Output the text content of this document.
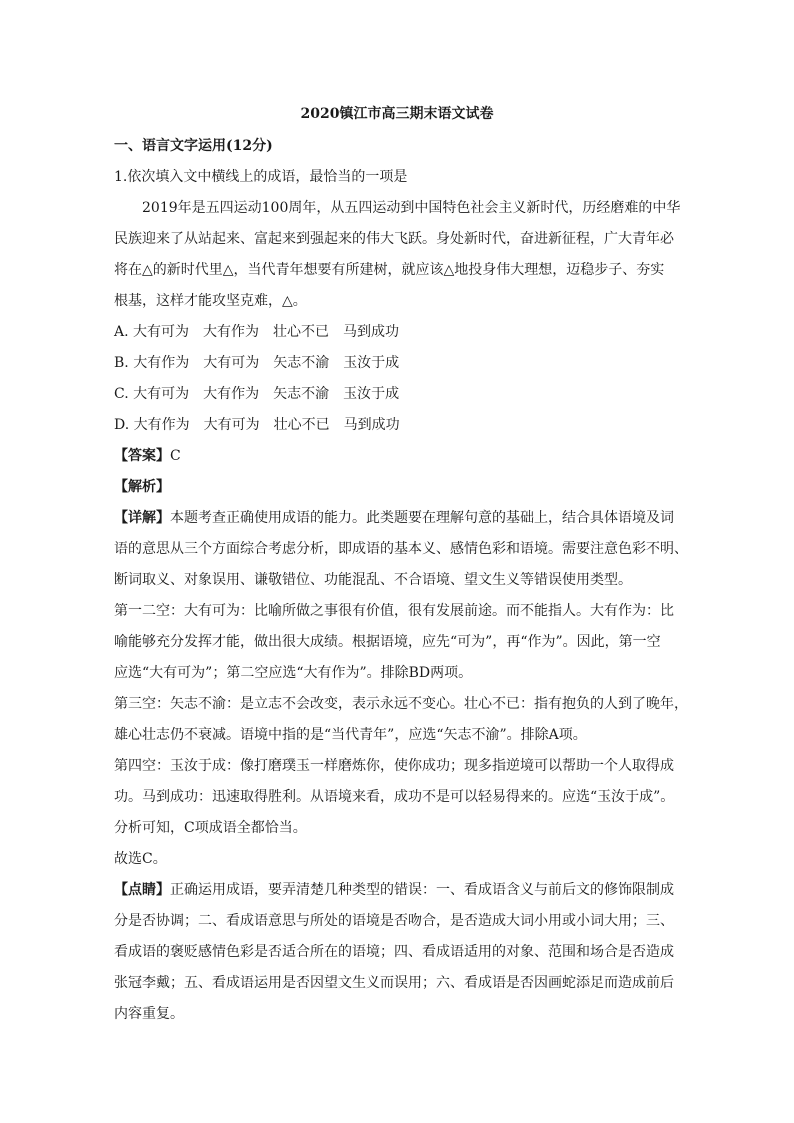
2020镇江市高三期末语文试卷
一、语言文字运用(12分)
1.依次填入文中横线上的成语，最恰当的一项是
2019年是五四运动100周年，从五四运动到中国特色社会主义新时代，历经磨难的中华
民族迎来了从站起来、富起来到强起来的伟大飞跃。身处新时代，奋进新征程，广大青年必
将在△的新时代里△，当代青年想要有所建树，就应该△地投身伟大理想，迈稳步子、夯实
根基，这样才能攻坚克难，△。
A. 大有可为　大有作为　壮心不已　马到成功
B. 大有作为　大有可为　矢志不渝　玉汝于成
C. 大有可为　大有作为　矢志不渝　玉汝于成
D. 大有作为　大有可为　壮心不已　马到成功
【答案】C
【解析】
【详解】本题考查正确使用成语的能力。此类题要在理解句意的基础上，结合具体语境及词
语的意思从三个方面综合考虑分析，即成语的基本义、感情色彩和语境。需要注意色彩不明、
断词取义、对象误用、谦敬错位、功能混乱、不合语境、望文生义等错误使用类型。
第一二空：大有可为：比喻所做之事很有价值，很有发展前途。而不能指人。大有作为：比
喻能够充分发挥才能，做出很大成绩。根据语境，应先“可为”，再“作为”。因此，第一空
应选“大有可为”；第二空应选“大有作为”。排除BD两项。
第三空：矢志不渝：是立志不会改变，表示永远不变心。壮心不已：指有抱负的人到了晚年，
雄心壮志仍不衰减。语境中指的是“当代青年”，应选“矢志不渝”。排除A项。
第四空：玉汝于成：像打磨璞玉一样磨炼你，使你成功；现多指逆境可以帮助一个人取得成
功。马到成功：迅速取得胜利。从语境来看，成功不是可以轻易得来的。应选“玉汝于成”。
分析可知，C项成语全都恰当。
故选C。
【点睛】正确运用成语，要弄清楚几种类型的错误：一、看成语含义与前后文的修饰限制成
分是否协调；二、看成语意思与所处的语境是否吻合，是否造成大词小用或小词大用；三、
看成语的褒贬感情色彩是否适合所在的语境；四、看成语适用的对象、范围和场合是否造成
张冠李戴；五、看成语运用是否因望文生义而误用；六、看成语是否因画蛇添足而造成前后
内容重复。
